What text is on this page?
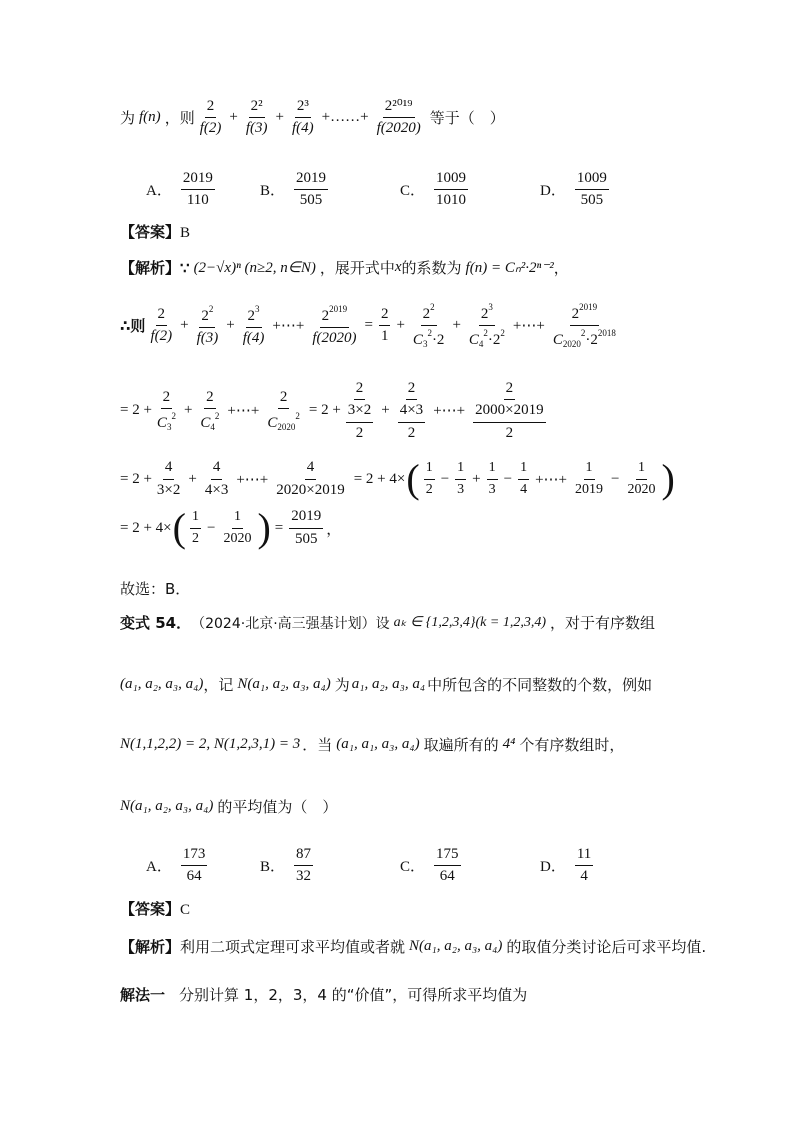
为 f(n) ，则 $\frac{2}{f(2)} + \frac{\text{2²}}{f(3)} + \frac{\text{2³}}{f(4)}$ +……+ $\frac{\text{2²⁰¹⁹}}{f(2020)}$ 等于（　）
A． $\frac{2019}{110}$	B． $\frac{2019}{505}$	C． $\frac{1009}{1010}$	D． $\frac{1009}{505}$
【答案】B
【解析】 ∵ (2−√x)ⁿ (n≥2, n∈N) ，展开式中 x 的系数为 f(n) = Cₙ²·2ⁿ⁻² ，
∴则 $\frac{2}{f(2)} + \frac{2^2}{f(3)} + \frac{2^3}{f(4)}$ +⋯+ $\frac{2^{2019}}{f(2020)} = \frac{2}{1} + \frac{2^2}{C_3^2\cdot 2} + \frac{2^3}{C_4^2\cdot 2^2}$ +⋯+ $\frac{2^{2019}}{C_{2020}^2\cdot 2^{2018}}$
= $2 + \frac{2}{C_3^2} + \frac{2}{C_4^2}$ +⋯+ $\frac{2}{C_{2020}^2} = 2 + \frac{2}{\frac{3\times 2}{2}} + \frac{2}{\frac{4\times 3}{2}}$ +⋯+ $\frac{2}{\frac{2000\times 2019}{2}}$
= $2 + \frac{4}{3\times 2} + \frac{4}{4\times 3}$ +⋯+ $\frac{4}{2020\times 2019} = 2 + 4\times$ ( $\frac{1}{2} - \frac{1}{3} + \frac{1}{3} - \frac{1}{4}$ +⋯+ $\frac{1}{2019} - \frac{1}{2020}$ )
= 2 + 4× ( $\frac{1}{2} - \frac{1}{2020}$ ) = $\frac{2019}{505}$ ，
故选：B．
变式 54． （2024·北京·高三强基计划）设 aₖ ∈ {1,2,3,4}(k = 1,2,3,4) ，对于有序数组
(a₁, a₂, a₃, a₄) ，记 N(a₁, a₂, a₃, a₄) 为 a₁, a₂, a₃, a₄ 中所包含的不同整数的个数，例如
N(1,1,2,2) = 2, N(1,2,3,1) = 3 ．当 (a₁, a₁, a₃, a₄) 取遍所有的 4⁴ 个有序数组时，
N(a₁, a₂, a₃, a₄) 的平均值为（　）
A． $\frac{173}{64}$	B． $\frac{87}{32}$	C． $\frac{175}{64}$	D． $\frac{11}{4}$
【答案】C
【解析】 利用二项式定理可求平均值或者就 N(a₁, a₂, a₃, a₄) 的取值分类讨论后可求平均值.
解法一 分别计算 1，2，3，4 的“价值”，可得所求平均值为
